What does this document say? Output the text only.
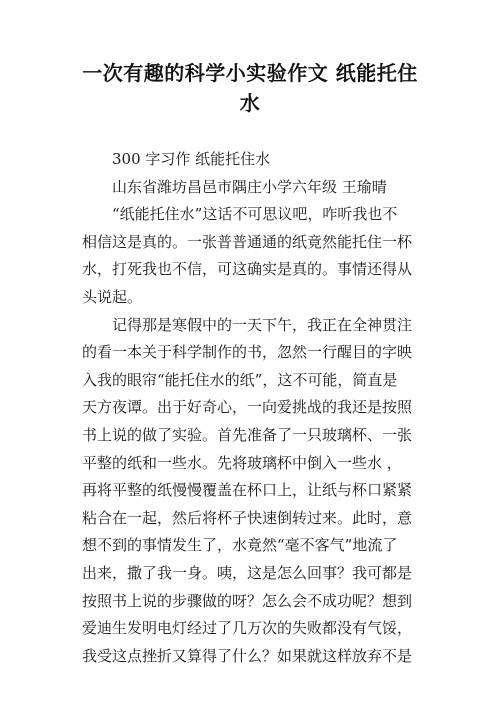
一次有趣的科学小实验作文 纸能托住
水
300 字习作 纸能托住水
山东省潍坊昌邑市隅庄小学六年级 王瑜晴
“纸能托住水”这话不可思议吧，咋听我也不
相信这是真的。一张普普通通的纸竟然能托住一杯
水，打死我也不信，可这确实是真的。事情还得从
头说起。
记得那是寒假中的一天下午，我正在全神贯注
的看一本关于科学制作的书，忽然一行醒目的字映
入我的眼帘“能托住水的纸”，这不可能，简直是
天方夜谭。出于好奇心，一向爱挑战的我还是按照
书上说的做了实验。首先准备了一只玻璃杯、一张
平整的纸和一些水。先将玻璃杯中倒入一些水 ，
再将平整的纸慢慢覆盖在杯口上，让纸与杯口紧紧
粘合在一起，然后将杯子快速倒转过来。此时，意
想不到的事情发生了，水竟然“毫不客气”地流了
出来，撒了我一身。咦，这是怎么回事？我可都是
按照书上说的步骤做的呀？怎么会不成功呢？想到
爱迪生发明电灯经过了几万次的失败都没有气馁，
我受这点挫折又算得了什么？如果就这样放弃不是
